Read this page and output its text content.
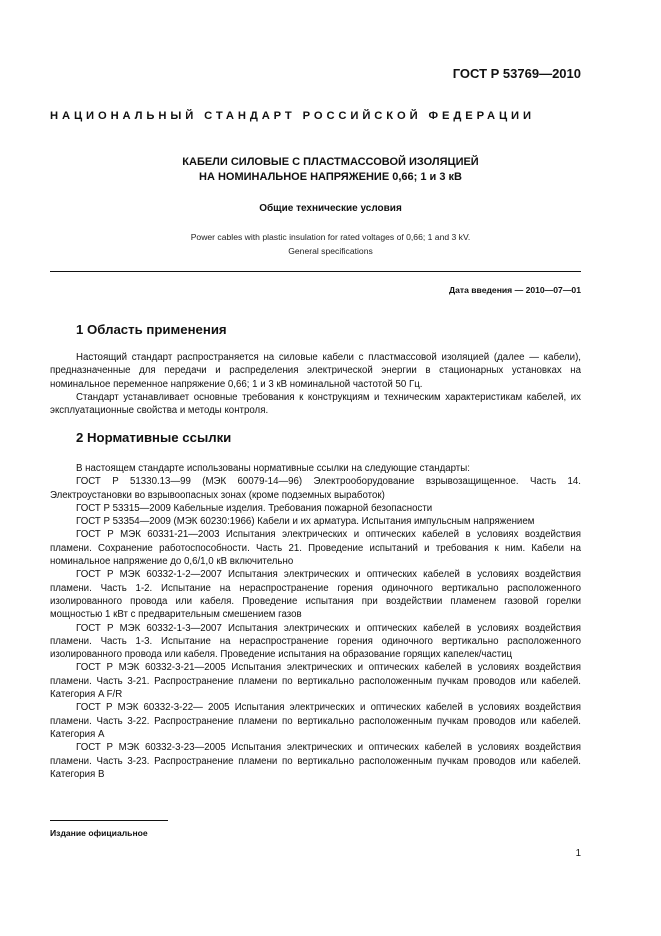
ГОСТ Р 53769—2010
НАЦИОНАЛЬНЫЙ СТАНДАРТ РОССИЙСКОЙ ФЕДЕРАЦИИ
КАБЕЛИ СИЛОВЫЕ С ПЛАСТМАССОВОЙ ИЗОЛЯЦИЕЙ
НА НОМИНАЛЬНОЕ НАПРЯЖЕНИЕ 0,66; 1 и 3 кВ
Общие технические условия
Power cables with plastic insulation for rated voltages of 0,66; 1 and 3 kV.
General specifications
Дата введения — 2010—07—01
1 Область применения

Настоящий стандарт распространяется на силовые кабели с пластмассовой изоляцией (далее — кабели), предназначенные для передачи и распределения электрической энергии в стационарных установках на номинальное переменное напряжение 0,66; 1 и 3 кВ номинальной частотой 50 Гц.

Стандарт устанавливает основные требования к конструкциям и техническим характеристикам кабелей, их эксплуатационные свойства и методы контроля.

2 Нормативные ссылки

В настоящем стандарте использованы нормативные ссылки на следующие стандарты:

ГОСТ Р 51330.13—99 (МЭК 60079-14—96) Электрооборудование взрывозащищенное. Часть 14. Электроустановки во взрывоопасных зонах (кроме подземных выработок)

ГОСТ Р 53315—2009 Кабельные изделия. Требования пожарной безопасности

ГОСТ Р 53354—2009 (МЭК 60230:1966) Кабели и их арматура. Испытания импульсным напряжением

ГОСТ Р МЭК 60331-21—2003 Испытания электрических и оптических кабелей в условиях воздействия пламени. Сохранение работоспособности. Часть 21. Проведение испытаний и требования к ним. Кабели на номинальное напряжение до 0,6/1,0 кВ включительно

ГОСТ Р МЭК 60332-1-2—2007 Испытания электрических и оптических кабелей в условиях воздействия пламени. Часть 1-2. Испытание на нераспространение горения одиночного вертикально расположенного изолированного провода или кабеля. Проведение испытания при воздействии пламенем газовой горелки мощностью 1 кВт с предварительным смешением газов

ГОСТ Р МЭК 60332-1-3—2007 Испытания электрических и оптических кабелей в условиях воздействия пламени. Часть 1-3. Испытание на нераспространение горения одиночного вертикально расположенного изолированного провода или кабеля. Проведение испытания на образование горящих капелек/частиц

ГОСТ Р МЭК 60332-3-21—2005 Испытания электрических и оптических кабелей в условиях воздействия пламени. Часть 3-21. Распространение пламени по вертикально расположенным пучкам проводов или кабелей. Категория A F/R

ГОСТ Р МЭК 60332-3-22— 2005 Испытания электрических и оптических кабелей в условиях воздействия пламени. Часть 3-22. Распространение пламени по вертикально расположенным пучкам проводов или кабелей. Категория А

ГОСТ Р МЭК 60332-3-23—2005 Испытания электрических и оптических кабелей в условиях воздействия пламени. Часть 3-23. Распространение пламени по вертикально расположенным пучкам проводов или кабелей. Категория В

Издание официальное
1
